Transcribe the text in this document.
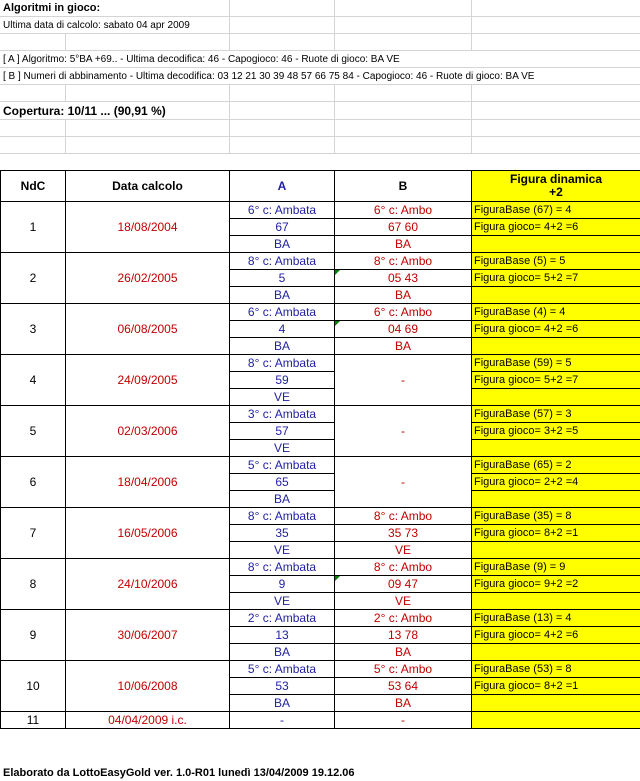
Algoritmi in gioco:
Ultima data di calcolo: sabato 04 apr 2009
[ A ] Algoritmo: 5°BA +69.. - Ultima decodifica: 46 - Capogioco: 46 - Ruote di gioco: BA VE
[ B ] Numeri di abbinamento - Ultima decodifica: 03 12 21 30 39 48 57 66 75 84 - Capogioco: 46 - Ruote di gioco: BA VE
Copertura: 10/11 ... (90,91 %)
NdC	Data calcolo	A	B	Figura dinamica
+2
1	18/08/2004	6° c: Ambata	6° c: Ambo	FiguraBase (67) = 4
		67	67 60	Figura gioco= 4+2 =6
		BA	BA	
2	26/02/2005	8° c: Ambata	8° c: Ambo	FiguraBase (5) = 5
		5	05 43	Figura gioco= 5+2 =7
		BA	BA	
3	06/08/2005	6° c: Ambata	6° c: Ambo	FiguraBase (4) = 4
		4	04 69	Figura gioco= 4+2 =6
		BA	BA	
4	24/09/2005	8° c: Ambata	-	FiguraBase (59) = 5
		59		Figura gioco= 5+2 =7
		VE		
5	02/03/2006	3° c: Ambata	-	FiguraBase (57) = 3
		57		Figura gioco= 3+2 =5
		VE		
6	18/04/2006	5° c: Ambata	-	FiguraBase (65) = 2
		65		Figura gioco= 2+2 =4
		BA		
7	16/05/2006	8° c: Ambata	8° c: Ambo	FiguraBase (35) = 8
		35	35 73	Figura gioco= 8+2 =1
		VE	VE	
8	24/10/2006	8° c: Ambata	8° c: Ambo	FiguraBase (9) = 9
		9	09 47	Figura gioco= 9+2 =2
		VE	VE	
9	30/06/2007	2° c: Ambata	2° c: Ambo	FiguraBase (13) = 4
		13	13 78	Figura gioco= 4+2 =6
		BA	BA	
10	10/06/2008	5° c: Ambata	5° c: Ambo	FiguraBase (53) = 8
		53	53 64	Figura gioco= 8+2 =1
		BA	BA	
11	04/04/2009 i.c.	-	-	
Elaborato da LottoEasyGold ver. 1.0-R01 lunedì 13/04/2009 19.12.06
